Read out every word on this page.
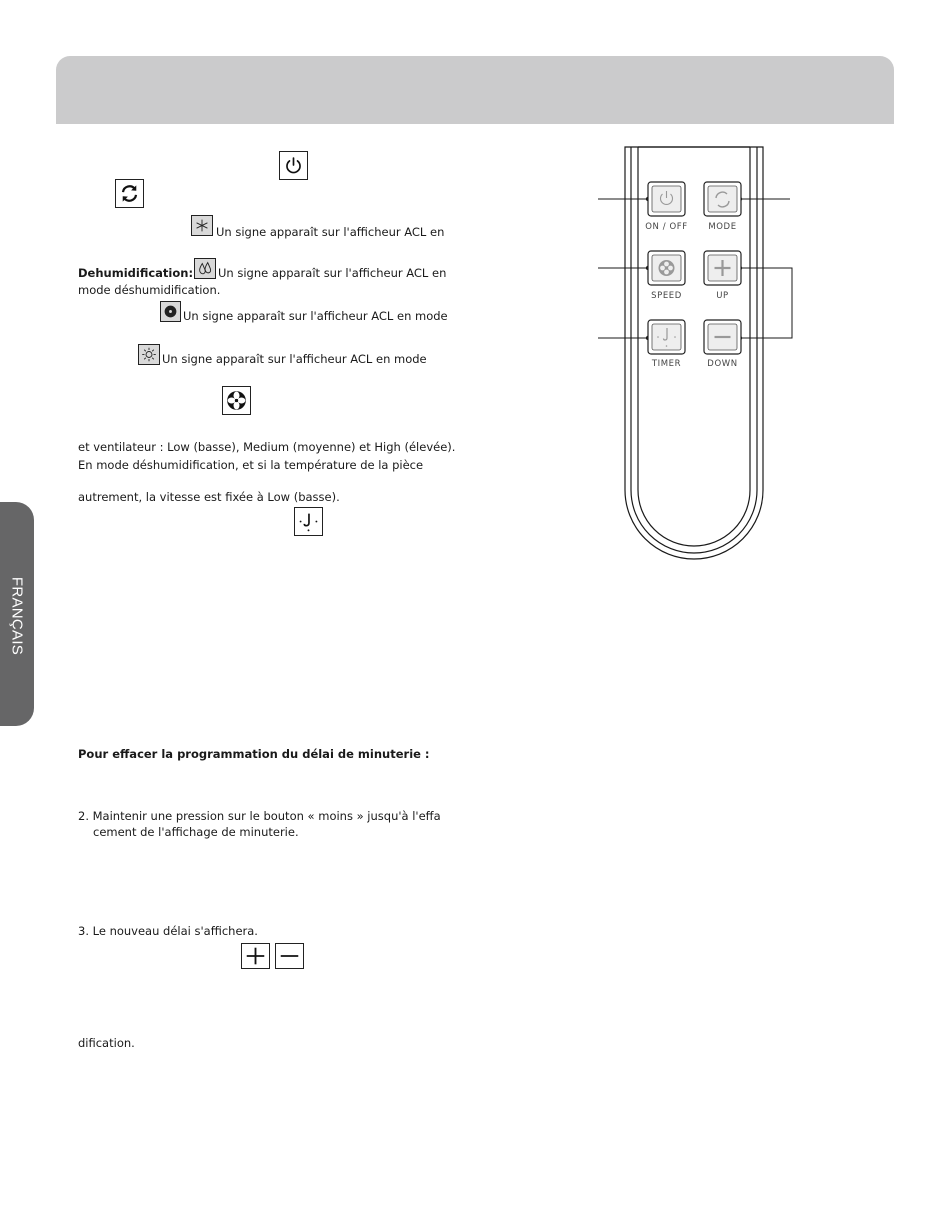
FRANÇAIS
Un signe apparaît sur l'afficheur ACL en
Dehumidification: Un signe apparaît sur l'afficheur ACL en
mode déshumidification.
Un signe apparaît sur l'afficheur ACL en mode
Un signe apparaît sur l'afficheur ACL en mode
et ventilateur : Low (basse), Medium (moyenne) et High (élevée).
En mode déshumidification, et si la température de la pièce
autrement, la vitesse est fixée à Low (basse).
Pour effacer la programmation du délai de minuterie :
2. Maintenir une pression sur le bouton « moins » jusqu'à l'effa
cement de l'affichage de minuterie.
3. Le nouveau délai s'affichera.
dification.
ON / OFF MODE
SPEED	UP
TIMER	DOWN
